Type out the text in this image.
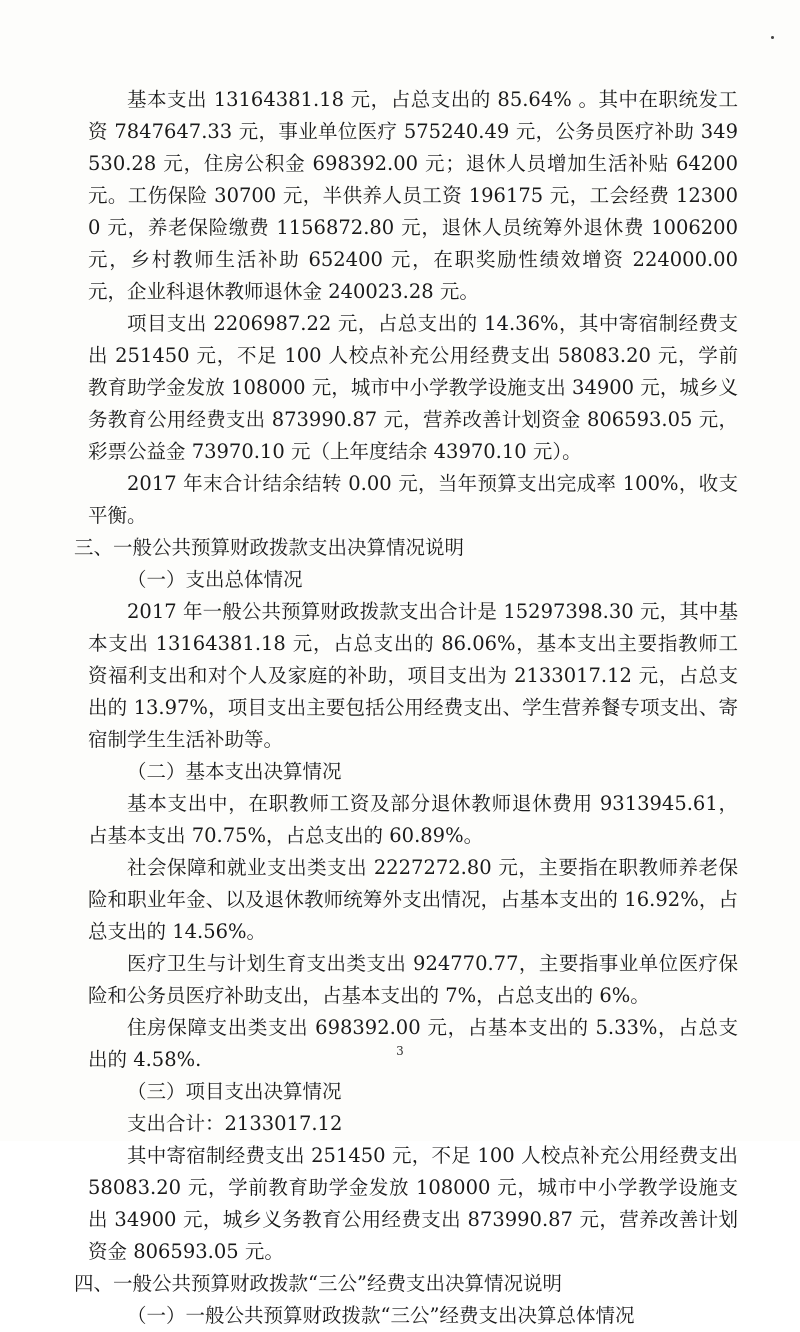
基本支出 13164381.18 元，占总支出的 85.64% 。其中在职统发工资 7847647.33 元，事业单位医疗 575240.49 元，公务员医疗补助 349530.28 元，住房公积金 698392.00 元；退休人员增加生活补贴 64200 元。工伤保险 30700 元，半供养人员工资 196175 元，工会经费 123000 元，养老保险缴费 1156872.80 元，退休人员统筹外退休费 1006200 元，乡村教师生活补助 652400 元，在职奖励性绩效增资 224000.00 元，企业科退休教师退休金 240023.28 元。

项目支出 2206987.22 元，占总支出的 14.36%，其中寄宿制经费支出 251450 元，不足 100 人校点补充公用经费支出 58083.20 元，学前教育助学金发放 108000 元，城市中小学教学设施支出 34900 元，城乡义务教育公用经费支出 873990.87 元，营养改善计划资金 806593.05 元，彩票公益金 73970.10 元（上年度结余 43970.10 元）。

2017 年末合计结余结转 0.00 元，当年预算支出完成率 100%，收支平衡。

三、一般公共预算财政拨款支出决算情况说明

（一）支出总体情况

2017 年一般公共预算财政拨款支出合计是 15297398.30 元，其中基本支出 13164381.18 元，占总支出的 86.06%，基本支出主要指教师工资福利支出和对个人及家庭的补助，项目支出为 2133017.12 元，占总支出的 13.97%，项目支出主要包括公用经费支出、学生营养餐专项支出、寄宿制学生生活补助等。

（二）基本支出决算情况

基本支出中，在职教师工资及部分退休教师退休费用 9313945.61，占基本支出 70.75%，占总支出的 60.89%。

社会保障和就业支出类支出 2227272.80 元，主要指在职教师养老保险和职业年金、以及退休教师统筹外支出情况，占基本支出的 16.92%，占总支出的 14.56%。

医疗卫生与计划生育支出类支出 924770.77，主要指事业单位医疗保险和公务员医疗补助支出，占基本支出的 7%，占总支出的 6%。

住房保障支出类支出 698392.00 元，占基本支出的 5.33%，占总支出的 4.58%.

（三）项目支出决算情况

支出合计：2133017.12

其中寄宿制经费支出 251450 元，不足 100 人校点补充公用经费支出 58083.20 元，学前教育助学金发放 108000 元，城市中小学教学设施支出 34900 元，城乡义务教育公用经费支出 873990.87 元，营养改善计划资金 806593.05 元。

四、一般公共预算财政拨款“三公”经费支出决算情况说明

（一）一般公共预算财政拨款“三公”经费支出决算总体情况

3
